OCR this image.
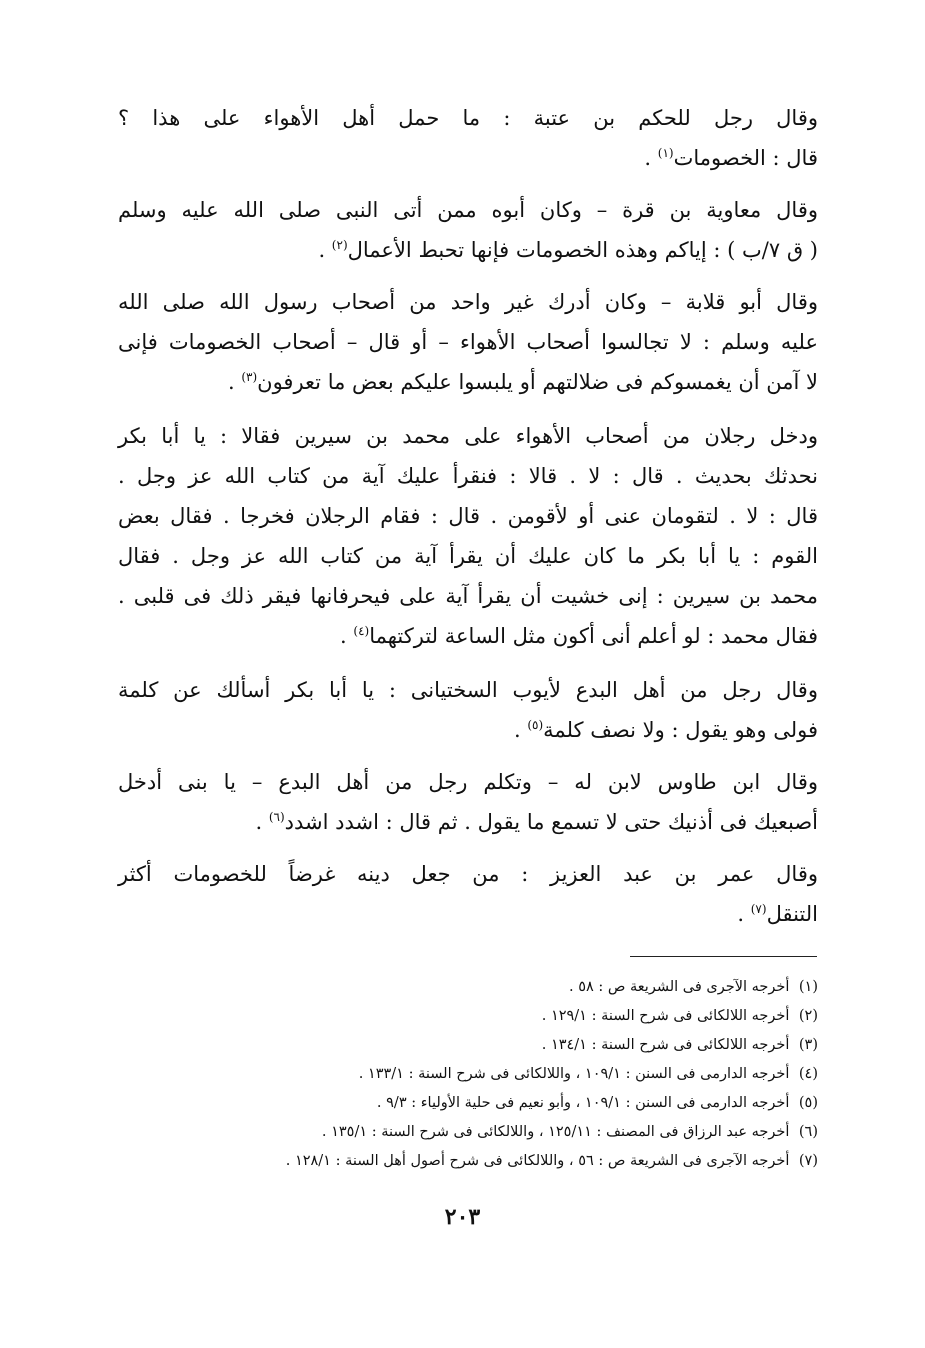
وقال رجل للحكم بن عتبة : ما حمل أهل الأهواء على هذا ؟
قال : الخصومات$^{(١)}$ .

وقال معاوية بن قرة – وكان أبوه ممن أتى النبى صلى الله عليه وسلم
( ق ٧/ب ) : إياكم وهذه الخصومات فإنها تحبط الأعمال$^{(٢)}$ .

وقال أبو قلابة – وكان أدرك غير واحد من أصحاب رسول الله صلى الله
عليه وسلم : لا تجالسوا أصحاب الأهواء – أو قال – أصحاب الخصومات فإنى
لا آمن أن يغمسوكم فى ضلالتهم أو يلبسوا عليكم بعض ما تعرفون$^{(٣)}$ .

ودخل رجلان من أصحاب الأهواء على محمد بن سيرين فقالا : يا أبا بكر
نحدثك بحديث . قال : لا . قالا : فنقرأ عليك آية من كتاب الله عز وجل .
قال : لا . لتقومان عنى أو لأقومن . قال : فقام الرجلان فخرجا . فقال بعض
القوم : يا أبا بكر ما كان عليك أن يقرأ آية من كتاب الله عز وجل . فقال
محمد بن سيرين : إنى خشيت أن يقرأ آية على فيحرفانها فيقر ذلك فى قلبى .
فقال محمد : لو أعلم أنى أكون مثل الساعة لتركتهما$^{(٤)}$ .

وقال رجل من أهل البدع لأيوب السختيانى : يا أبا بكر أسألك عن كلمة
فولى وهو يقول : ولا نصف كلمة$^{(٥)}$ .

وقال ابن طاوس لابن له – وتكلم رجل من أهل البدع – يا بنى أدخل
أصبعيك فى أذنيك حتى لا تسمع ما يقول . ثم قال : اشدد اشدد$^{(٦)}$ .

وقال عمر بن عبد العزيز : من جعل دينه غرضاً للخصومات أكثر
التنقل$^{(٧)}$ .

(١) أخرجه الآجرى فى الشريعة ص : ٥٨ .

(٢) أخرجه اللالكائى فى شرح السنة : ١٢٩/١ .

(٣) أخرجه اللالكائى فى شرح السنة : ١٣٤/١ .

(٤) أخرجه الدارمى فى السنن : ١٠٩/١ ، واللالكائى فى شرح السنة : ١٣٣/١ .

(٥) أخرجه الدارمى فى السنن : ١٠٩/١ ، وأبو نعيم فى حلية الأولياء : ٩/٣ .

(٦) أخرجه عبد الرزاق فى المصنف : ١٢٥/١١ ، واللالكائى فى شرح السنة : ١٣٥/١ .

(٧) أخرجه الآجرى فى الشريعة ص : ٥٦ ، واللالكائى فى شرح أصول أهل السنة : ١٢٨/١ .

٢٠٣
